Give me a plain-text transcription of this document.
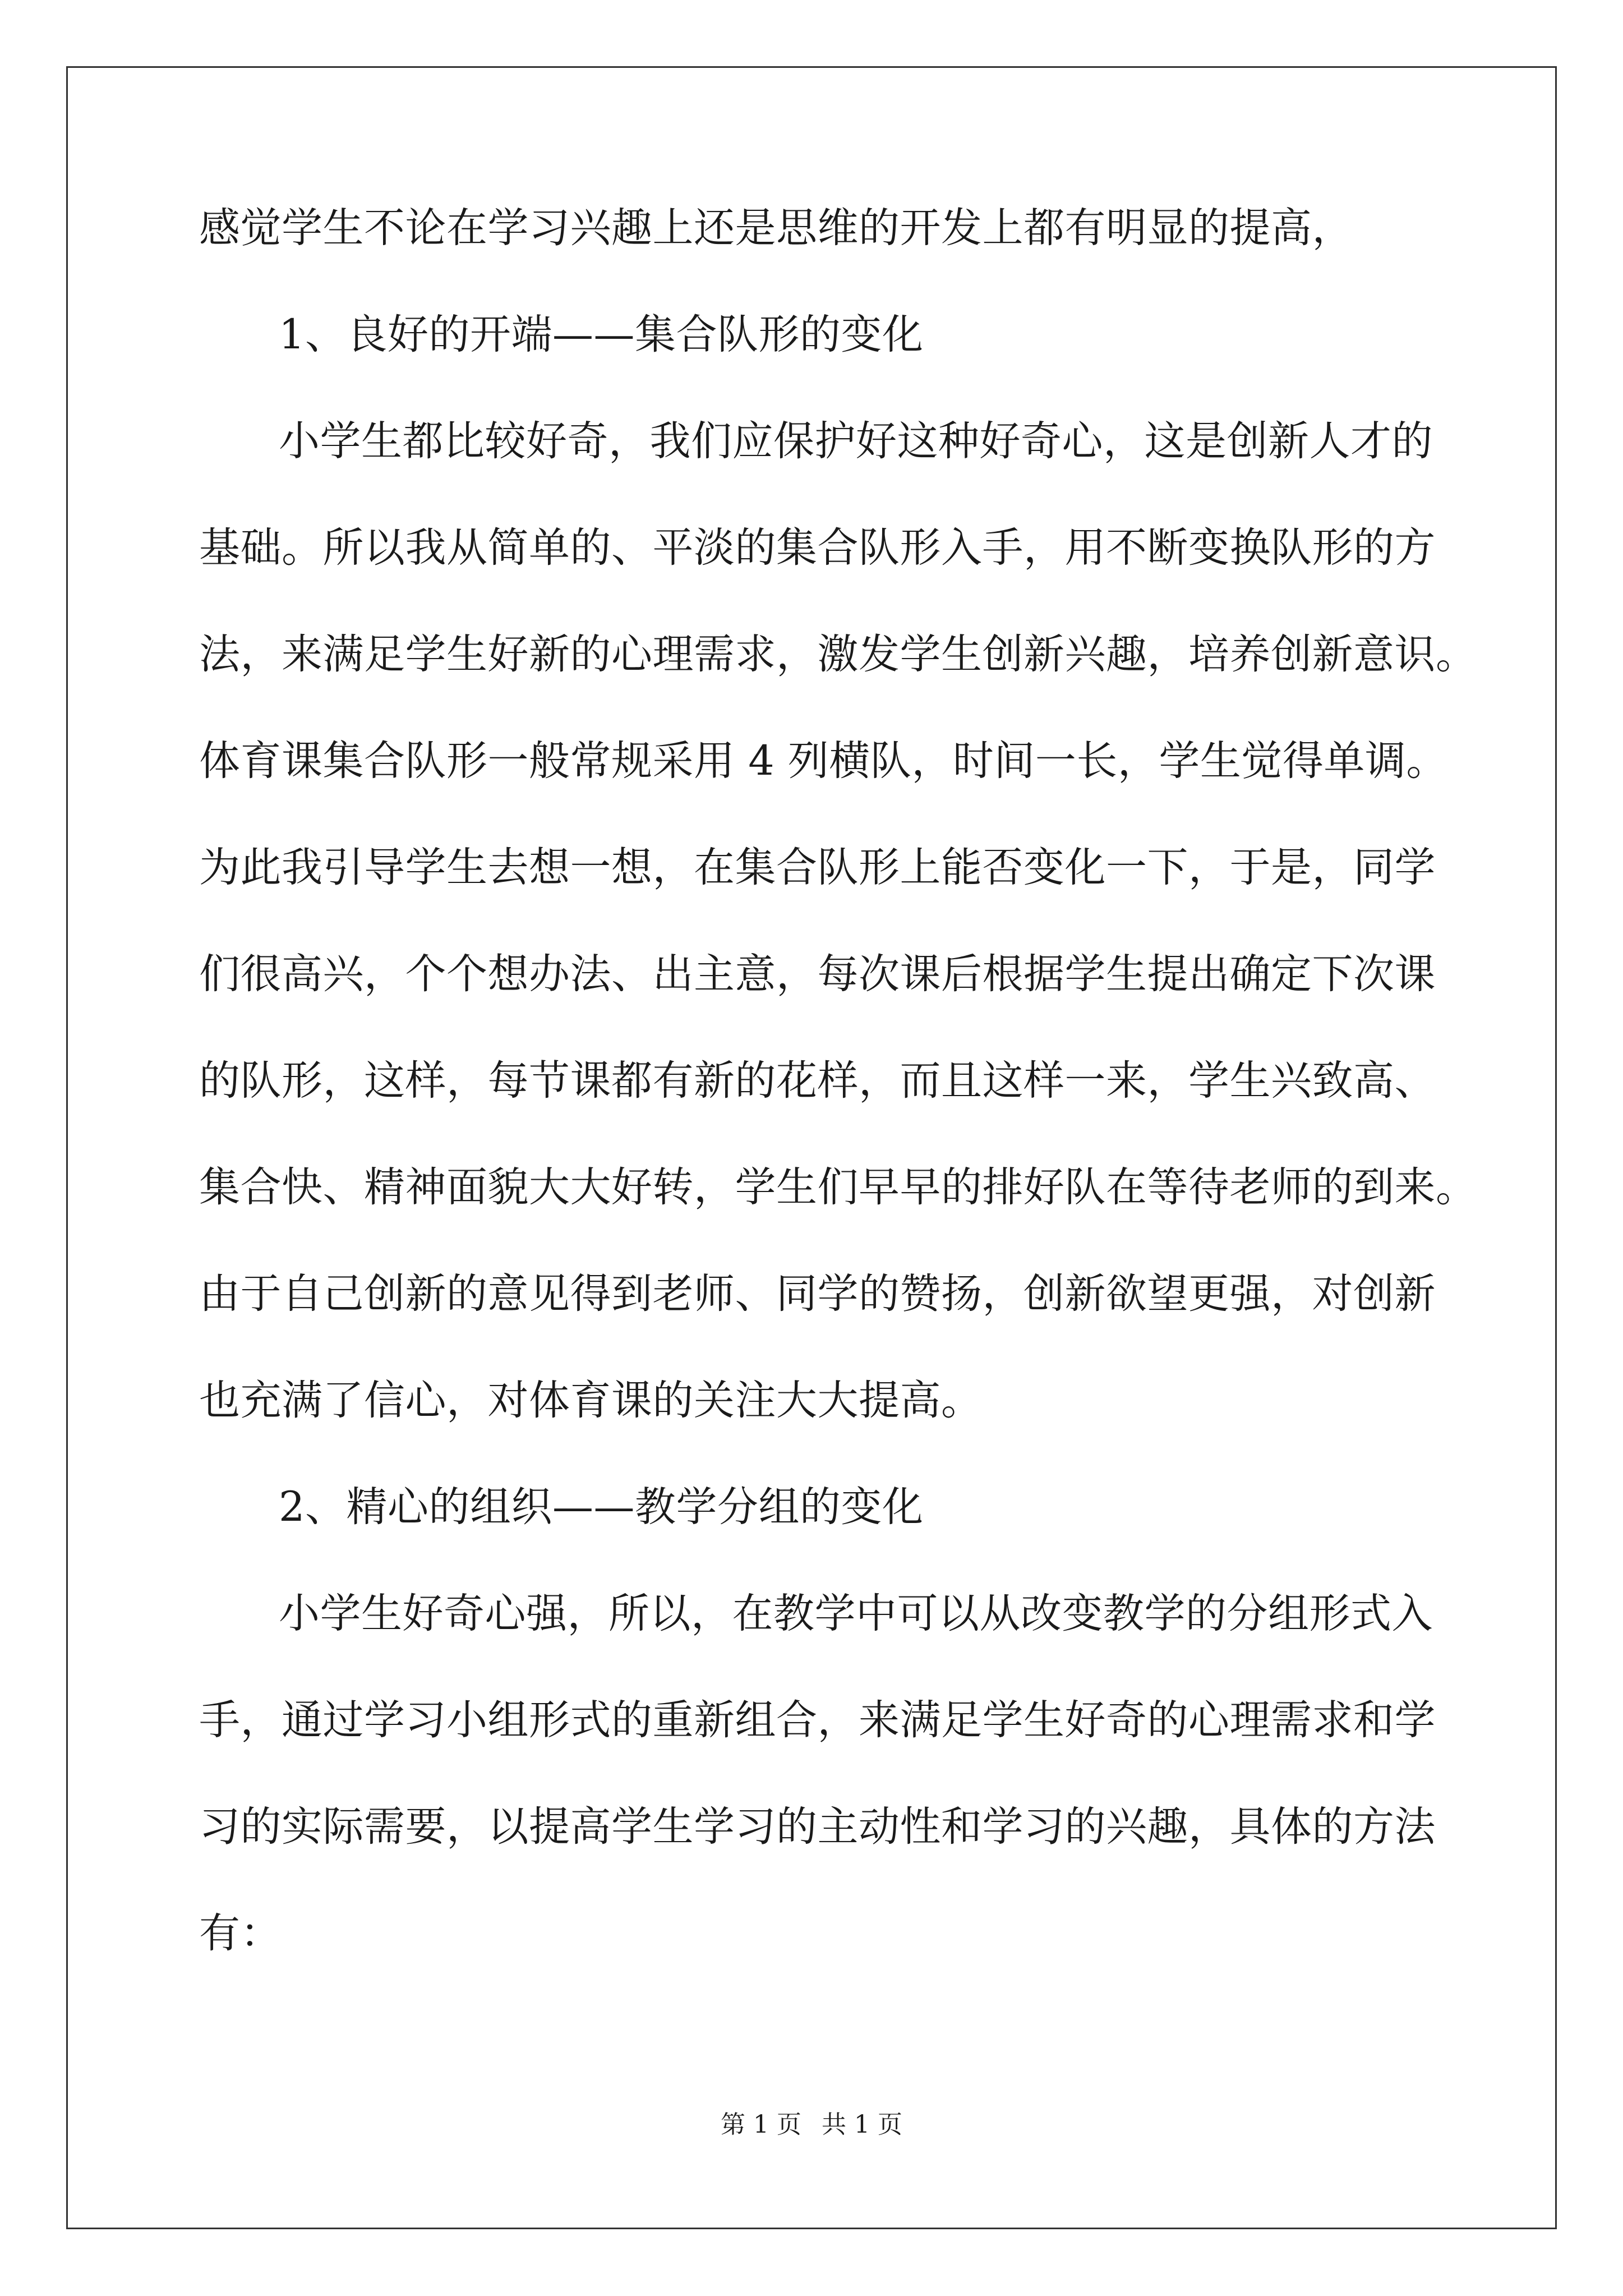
感觉学生不论在学习兴趣上还是思维的开发上都有明显的提高，
1、良好的开端——集合队形的变化
小学生都比较好奇，我们应保护好这种好奇心，这是创新人才的
基础。所以我从简单的、平淡的集合队形入手，用不断变换队形的方
法，来满足学生好新的心理需求，激发学生创新兴趣，培养创新意识。
体育课集合队形一般常规采用 4 列横队，时间一长，学生觉得单调。
为此我引导学生去想一想，在集合队形上能否变化一下，于是，同学
们很高兴，个个想办法、出主意，每次课后根据学生提出确定下次课
的队形，这样，每节课都有新的花样，而且这样一来，学生兴致高、
集合快、精神面貌大大好转，学生们早早的排好队在等待老师的到来。
由于自己创新的意见得到老师、同学的赞扬，创新欲望更强，对创新
也充满了信心，对体育课的关注大大提高。
2、精心的组织——教学分组的变化
小学生好奇心强，所以，在教学中可以从改变教学的分组形式入
手，通过学习小组形式的重新组合，来满足学生好奇的心理需求和学
习的实际需要，以提高学生学习的主动性和学习的兴趣，具体的方法
有：
第 1 页 共 1 页
